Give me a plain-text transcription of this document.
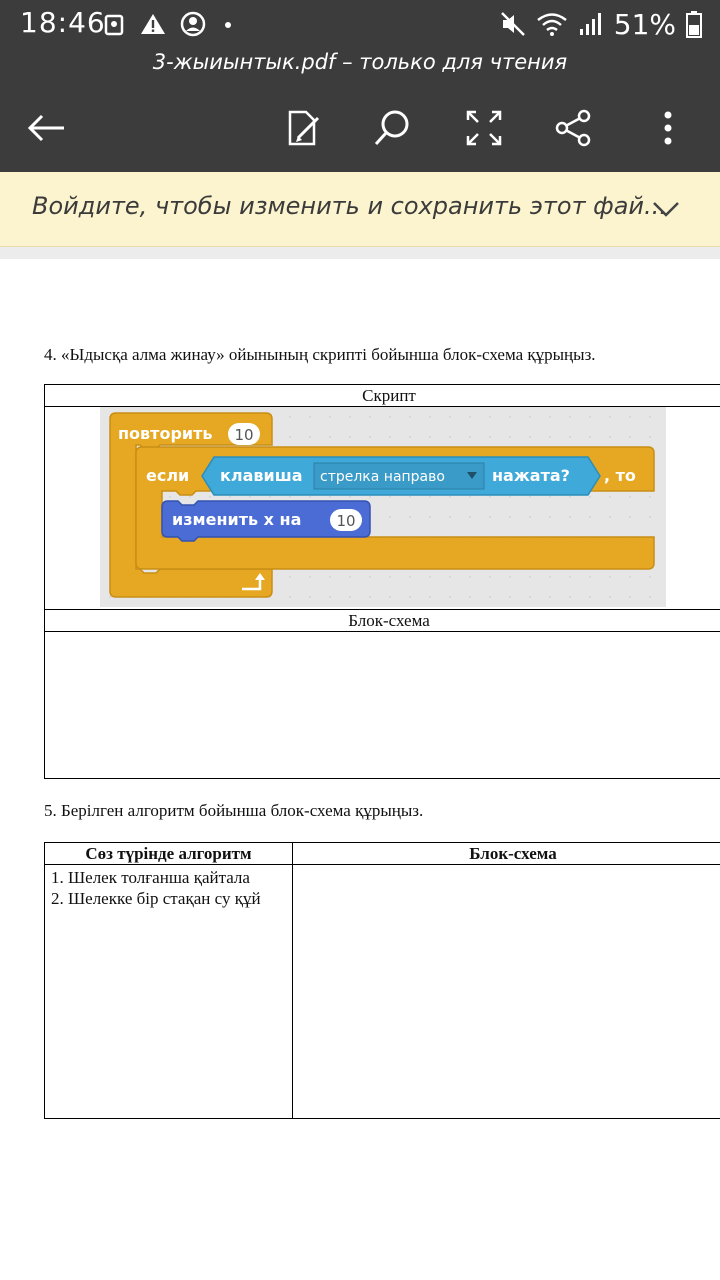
18:46	51%
3-жыиынтык.pdf – только для чтения
Войдите, чтобы изменить и сохранить этот фай...
4. «Ыдысқа алма жинау» ойынының скрипті бойынша блок-схема құрыңыз.
Скрипт

Блок-схема

повторить 10
если клавиша стрелка направо	нажата? , то
изменить х на 10
5. Берілген алгоритм бойынша блок-схема құрыңыз.
Сөз түрінде алгоритм	Блок-схема

1. Шелек толғанша қайтала
2. Шелекке бір стақан су құй	
